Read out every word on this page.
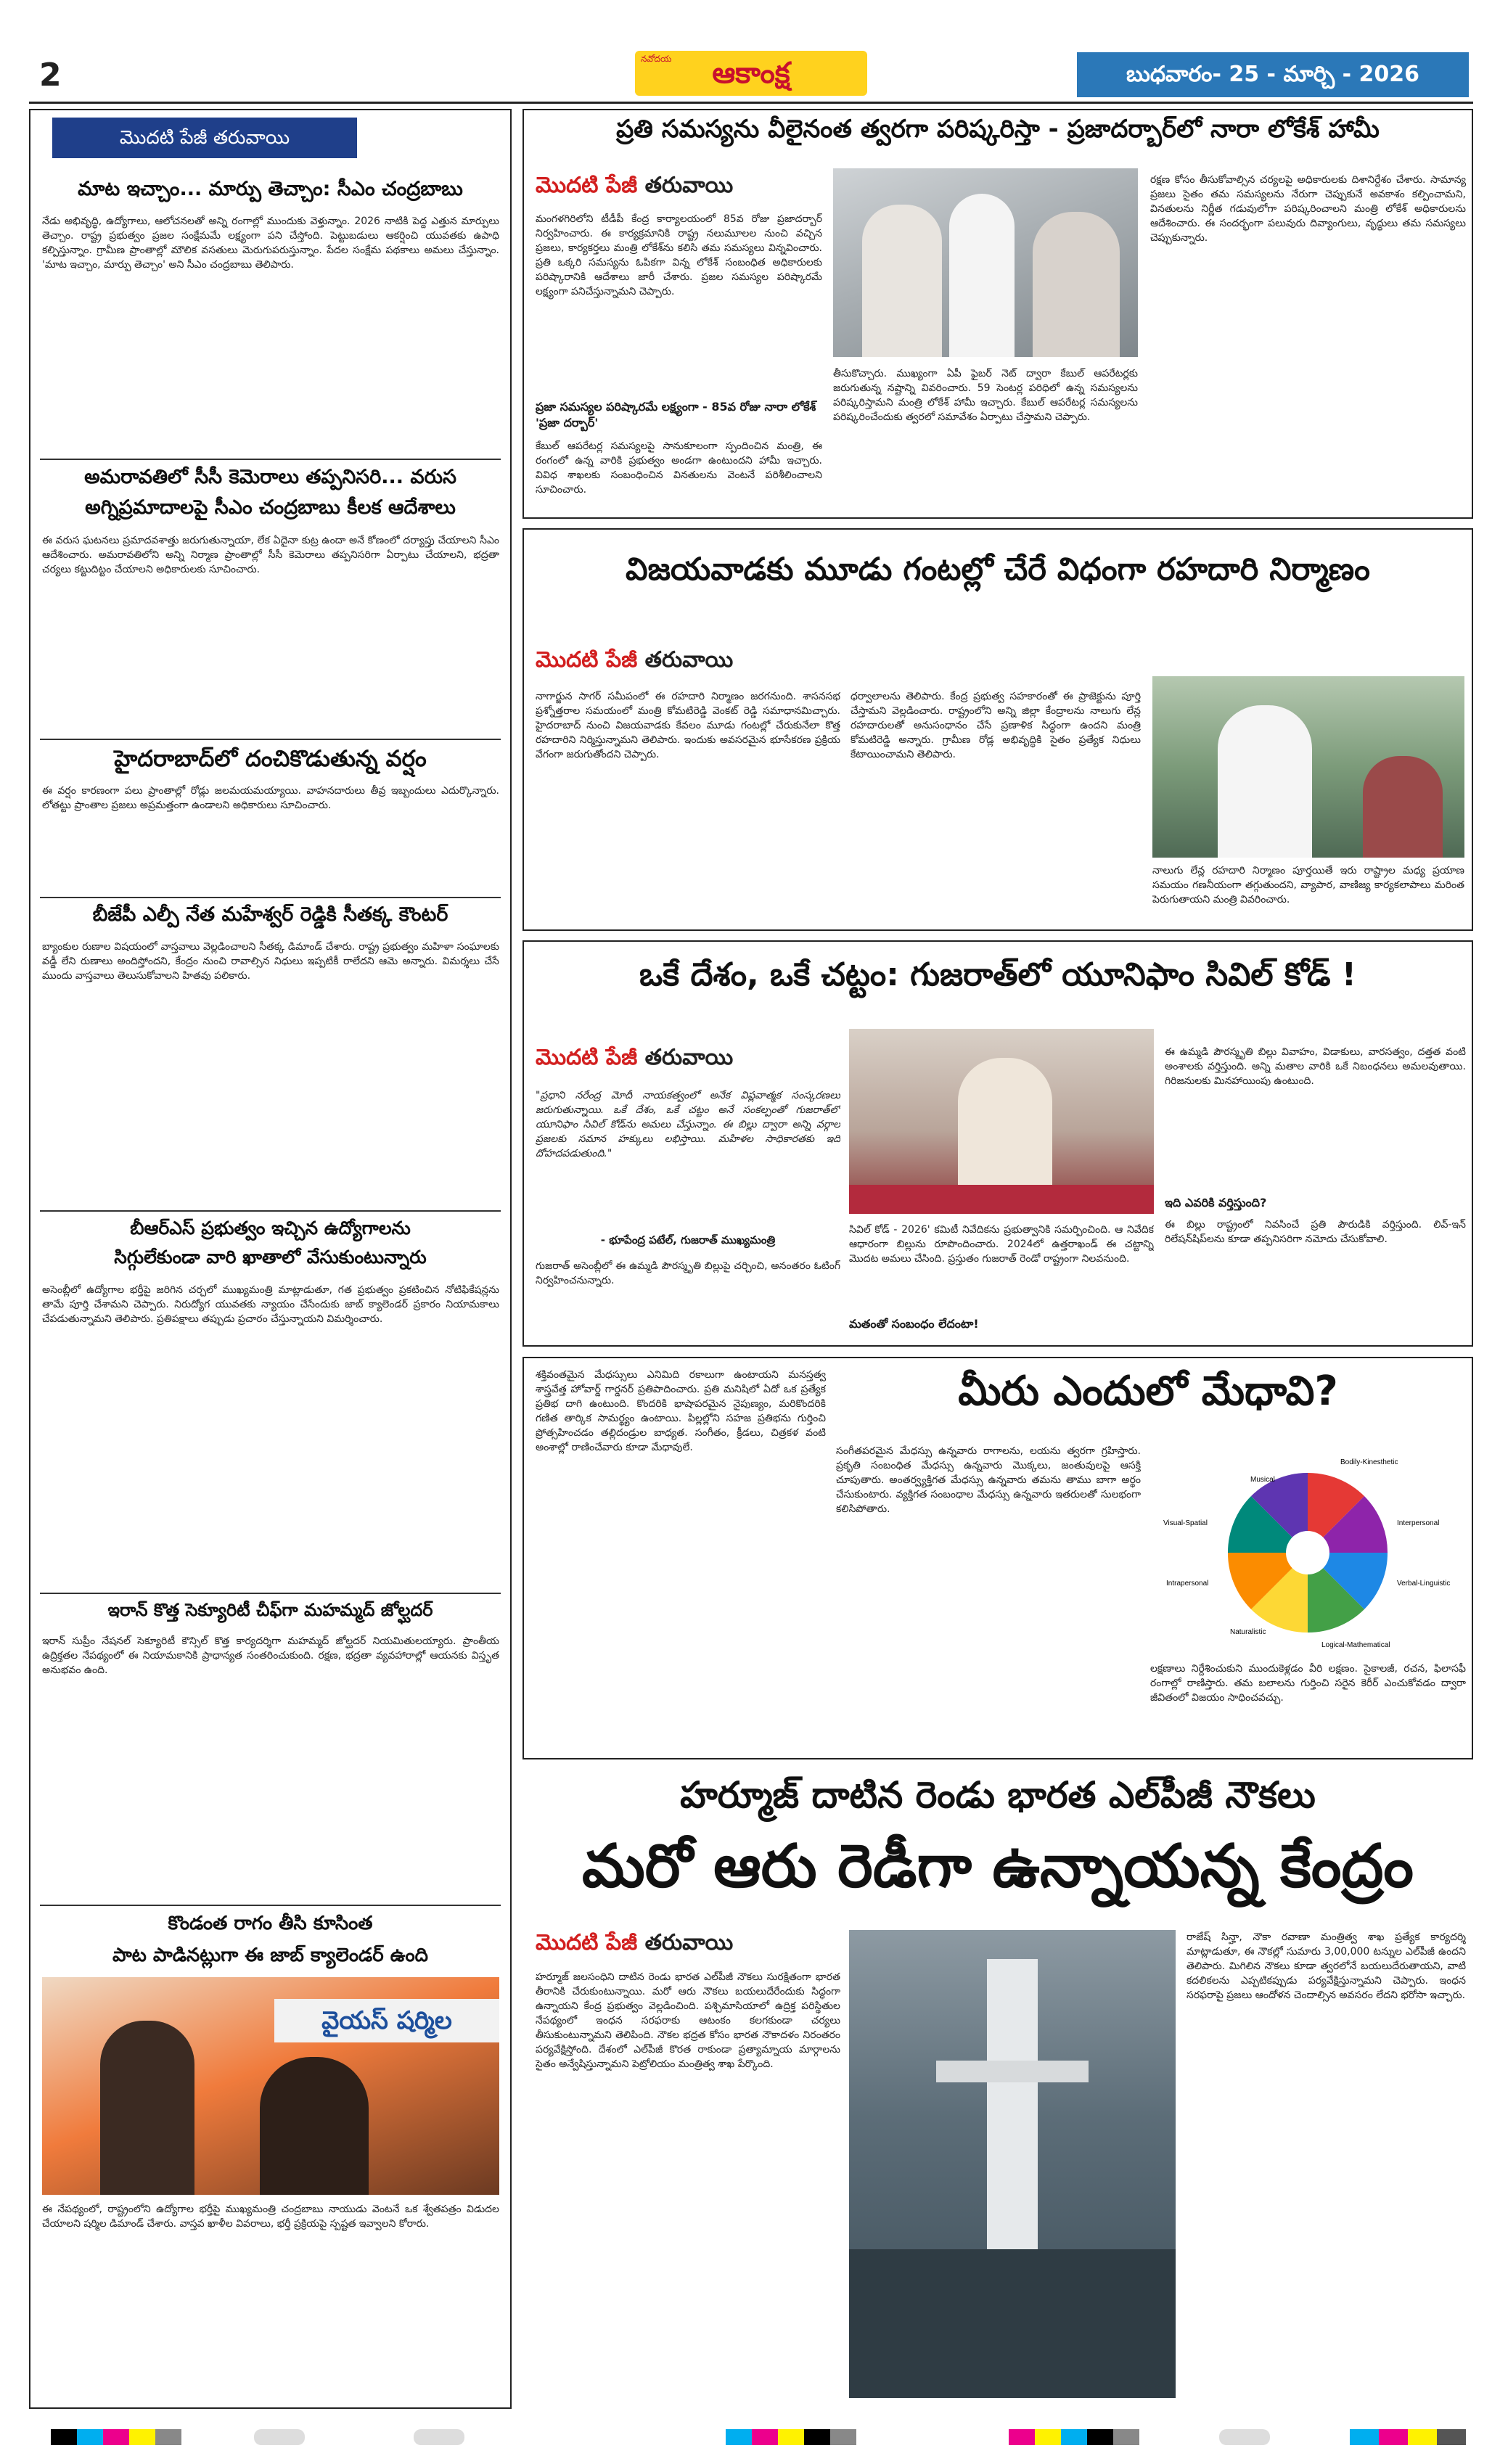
2	నవోదయ	ఆకాంక్ష	బుధవారం- 25 - మార్చి - 2026
మొదటి పేజీ తరువాయి
మాట ఇచ్చాం... మార్పు తెచ్చాం: సీఎం చంద్రబాబు
నేడు అభివృద్ధి, ఉద్యోగాలు, ఆలోచనలతో అన్ని రంగాల్లో ముందుకు వెళ్తున్నాం. 2026 నాటికి పెద్ద ఎత్తున మార్పులు తెచ్చాం. రాష్ట్ర ప్రభుత్వం ప్రజల సంక్షేమమే లక్ష్యంగా పని చేస్తోంది. పెట్టుబడులు ఆకర్షించి యువతకు ఉపాధి కల్పిస్తున్నాం. గ్రామీణ ప్రాంతాల్లో మౌలిక వసతులు మెరుగుపరుస్తున్నాం. పేదల సంక్షేమ పథకాలు అమలు చేస్తున్నాం. 'మాట ఇచ్చాం, మార్పు తెచ్చాం' అని సీఎం చంద్రబాబు తెలిపారు.
అమరావతిలో సీసీ కెమెరాలు తప్పనిసరి... వరుస
అగ్నిప్రమాదాలపై సీఎం చంద్రబాబు కీలక ఆదేశాలు
ఈ వరుస ఘటనలు ప్రమాదవశాత్తు జరుగుతున్నాయా, లేక ఏదైనా కుట్ర ఉందా అనే కోణంలో దర్యాప్తు చేయాలని సీఎం ఆదేశించారు. అమరావతిలోని అన్ని నిర్మాణ ప్రాంతాల్లో సీసీ కెమెరాలు తప్పనిసరిగా ఏర్పాటు చేయాలని, భద్రతా చర్యలు కట్టుదిట్టం చేయాలని అధికారులకు సూచించారు.
హైదరాబాద్‌లో దంచికొడుతున్న వర్షం
ఈ వర్షం కారణంగా పలు ప్రాంతాల్లో రోడ్లు జలమయమయ్యాయి. వాహనదారులు తీవ్ర ఇబ్బందులు ఎదుర్కొన్నారు. లోతట్టు ప్రాంతాల ప్రజలు అప్రమత్తంగా ఉండాలని అధికారులు సూచించారు.
బీజేపీ ఎల్పీ నేత మహేశ్వర్ రెడ్డికి సీతక్క కౌంటర్
బ్యాంకుల రుణాల విషయంలో వాస్తవాలు వెల్లడించాలని సీతక్క డిమాండ్ చేశారు. రాష్ట్ర ప్రభుత్వం మహిళా సంఘాలకు వడ్డీ లేని రుణాలు అందిస్తోందని, కేంద్రం నుంచి రావాల్సిన నిధులు ఇప్పటికీ రాలేదని ఆమె అన్నారు. విమర్శలు చేసే ముందు వాస్తవాలు తెలుసుకోవాలని హితవు పలికారు.
బీఆర్ఎస్ ప్రభుత్వం ఇచ్చిన ఉద్యోగాలను
సిగ్గులేకుండా వారి ఖాతాలో వేసుకుంటున్నారు
అసెంబ్లీలో ఉద్యోగాల భర్తీపై జరిగిన చర్చలో ముఖ్యమంత్రి మాట్లాడుతూ, గత ప్రభుత్వం ప్రకటించిన నోటిఫికేషన్లను తామే పూర్తి చేశామని చెప్పారు. నిరుద్యోగ యువతకు న్యాయం చేసేందుకు జాబ్ క్యాలెండర్ ప్రకారం నియామకాలు చేపడుతున్నామని తెలిపారు. ప్రతిపక్షాలు తప్పుడు ప్రచారం చేస్తున్నాయని విమర్శించారు.
ఇరాన్ కొత్త సెక్యూరిటీ చీఫ్‌గా మహమ్మద్ జోల్ఘదర్
ఇరాన్ సుప్రీం నేషనల్ సెక్యూరిటీ కౌన్సిల్ కొత్త కార్యదర్శిగా మహమ్మద్ జోల్ఘదర్ నియమితులయ్యారు. ప్రాంతీయ ఉద్రిక్తతల నేపథ్యంలో ఈ నియామకానికి ప్రాధాన్యత సంతరించుకుంది. రక్షణ, భద్రతా వ్యవహారాల్లో ఆయనకు విస్తృత అనుభవం ఉంది.
కొండంత రాగం తీసి కూసింత
పాట పాడినట్లుగా ఈ జాబ్ క్యాలెండర్ ఉంది
వైయస్ షర్మిల
ఈ నేపథ్యంలో, రాష్ట్రంలోని ఉద్యోగాల భర్తీపై ముఖ్యమంత్రి చంద్రబాబు నాయుడు వెంటనే ఒక శ్వేతపత్రం విడుదల చేయాలని షర్మిల డిమాండ్ చేశారు. వాస్తవ ఖాళీల వివరాలు, భర్తీ ప్రక్రియపై స్పష్టత ఇవ్వాలని కోరారు.
ప్రతి సమస్యను వీలైనంత త్వరగా పరిష్కరిస్తా - ప్రజాదర్బార్‌లో నారా లోకేశ్ హామీ
మొదటి పేజీ తరువాయి
మంగళగిరిలోని టీడీపీ కేంద్ర కార్యాలయంలో 85వ రోజు ప్రజాదర్బార్ నిర్వహించారు. ఈ కార్యక్రమానికి రాష్ట్ర నలుమూలల నుంచి వచ్చిన ప్రజలు, కార్యకర్తలు మంత్రి లోకేశ్‌ను కలిసి తమ సమస్యలు విన్నవించారు. ప్రతి ఒక్కరి సమస్యను ఓపికగా విన్న లోకేశ్ సంబంధిత అధికారులకు పరిష్కారానికి ఆదేశాలు జారీ చేశారు. ప్రజల సమస్యల పరిష్కారమే లక్ష్యంగా పనిచేస్తున్నామని చెప్పారు.
ప్రజా సమస్యల పరిష్కారమే లక్ష్యంగా - 85వ రోజు నారా లోకేశ్ 'ప్రజా దర్బార్'
కేబుల్ ఆపరేటర్ల సమస్యలపై సానుకూలంగా స్పందించిన మంత్రి, ఈ రంగంలో ఉన్న వారికి ప్రభుత్వం అండగా ఉంటుందని హామీ ఇచ్చారు. వివిధ శాఖలకు సంబంధించిన వినతులను వెంటనే పరిశీలించాలని సూచించారు.
తీసుకొచ్చారు. ముఖ్యంగా ఏపీ ఫైబర్ నెట్ ద్వారా కేబుల్ ఆపరేటర్లకు జరుగుతున్న నష్టాన్ని వివరించారు. 59 సెంటర్ల పరిధిలో ఉన్న సమస్యలను పరిష్కరిస్తామని మంత్రి లోకేశ్ హామీ ఇచ్చారు. కేబుల్ ఆపరేటర్ల సమస్యలను పరిష్కరించేందుకు త్వరలో సమావేశం ఏర్పాటు చేస్తామని చెప్పారు.
రక్షణ కోసం తీసుకోవాల్సిన చర్యలపై అధికారులకు దిశానిర్దేశం చేశారు. సామాన్య ప్రజలు సైతం తమ సమస్యలను నేరుగా చెప్పుకునే అవకాశం కల్పించామని, వినతులను నిర్ణీత గడువులోగా పరిష్కరించాలని మంత్రి లోకేశ్ అధికారులను ఆదేశించారు. ఈ సందర్భంగా పలువురు దివ్యాంగులు, వృద్ధులు తమ సమస్యలు చెప్పుకున్నారు.
విజయవాడకు మూడు గంటల్లో చేరే విధంగా రహదారి నిర్మాణం
మొదటి పేజీ తరువాయి
నాగార్జున సాగర్ సమీపంలో ఈ రహదారి నిర్మాణం జరగనుంది. శాసనసభ ప్రశ్నోత్తరాల సమయంలో మంత్రి కోమటిరెడ్డి వెంకట్ రెడ్డి సమాధానమిచ్చారు. హైదరాబాద్ నుంచి విజయవాడకు కేవలం మూడు గంటల్లో చేరుకునేలా కొత్త రహదారిని నిర్మిస్తున్నామని తెలిపారు. ఇందుకు అవసరమైన భూసేకరణ ప్రక్రియ వేగంగా జరుగుతోందని చెప్పారు.
ధర్వాలాలను తెలిపారు. కేంద్ర ప్రభుత్వ సహకారంతో ఈ ప్రాజెక్టును పూర్తి చేస్తామని వెల్లడించారు. రాష్ట్రంలోని అన్ని జిల్లా కేంద్రాలను నాలుగు లేన్ల రహదారులతో అనుసంధానం చేసే ప్రణాళిక సిద్ధంగా ఉందని మంత్రి కోమటిరెడ్డి అన్నారు. గ్రామీణ రోడ్ల అభివృద్ధికి సైతం ప్రత్యేక నిధులు కేటాయించామని తెలిపారు.
నాలుగు లేన్ల రహదారి నిర్మాణం పూర్తయితే ఇరు రాష్ట్రాల మధ్య ప్రయాణ సమయం గణనీయంగా తగ్గుతుందని, వ్యాపార, వాణిజ్య కార్యకలాపాలు మరింత పెరుగుతాయని మంత్రి వివరించారు.
ఒకే దేశం, ఒకే చట్టం: గుజరాత్‌లో యూనిఫాం సివిల్ కోడ్ !
మొదటి పేజీ తరువాయి
"ప్రధాని నరేంద్ర మోదీ నాయకత్వంలో అనేక విప్లవాత్మక సంస్కరణలు జరుగుతున్నాయి. ఒకే దేశం, ఒకే చట్టం అనే సంకల్పంతో గుజరాత్‌లో యూనిఫాం సివిల్ కోడ్‌ను అమలు చేస్తున్నాం. ఈ బిల్లు ద్వారా అన్ని వర్గాల ప్రజలకు సమాన హక్కులు లభిస్తాయి. మహిళల సాధికారతకు ఇది దోహదపడుతుంది."
- భూపేంద్ర పటేల్, గుజరాత్ ముఖ్యమంత్రి
గుజరాత్ అసెంబ్లీలో ఈ ఉమ్మడి పౌరస్మృతి బిల్లుపై చర్చించి, అనంతరం ఓటింగ్ నిర్వహించనున్నారు.
సివిల్ కోడ్ - 2026' కమిటీ నివేదికను ప్రభుత్వానికి సమర్పించింది. ఆ నివేదిక ఆధారంగా బిల్లును రూపొందించారు. 2024లో ఉత్తరాఖండ్ ఈ చట్టాన్ని మొదట అమలు చేసింది. ప్రస్తుతం గుజరాత్ రెండో రాష్ట్రంగా నిలవనుంది.
మతంతో సంబంధం లేదంటా!
ఈ ఉమ్మడి పౌరస్మృతి బిల్లు వివాహం, విడాకులు, వారసత్వం, దత్తత వంటి అంశాలకు వర్తిస్తుంది. అన్ని మతాల వారికి ఒకే నిబంధనలు అమలవుతాయి. గిరిజనులకు మినహాయింపు ఉంటుంది.
ఇది ఎవరికి వర్తిస్తుంది?
ఈ బిల్లు రాష్ట్రంలో నివసించే ప్రతి పౌరుడికి వర్తిస్తుంది. లివ్-ఇన్ రిలేషన్‌షిప్‌లను కూడా తప్పనిసరిగా నమోదు చేసుకోవాలి.
మీరు ఎందులో మేధావి?
శక్తివంతమైన మేధస్సులు ఎనిమిది రకాలుగా ఉంటాయని మనస్తత్వ శాస్త్రవేత్త హోవార్డ్ గార్డనర్ ప్రతిపాదించారు. ప్రతి మనిషిలో ఏదో ఒక ప్రత్యేక ప్రతిభ దాగి ఉంటుంది. కొందరికి భాషాపరమైన నైపుణ్యం, మరికొందరికి గణిత తార్కిక సామర్థ్యం ఉంటాయి. పిల్లల్లోని సహజ ప్రతిభను గుర్తించి ప్రోత్సహించడం తల్లిదండ్రుల బాధ్యత. సంగీతం, క్రీడలు, చిత్రకళ వంటి అంశాల్లో రాణించేవారు కూడా మేధావులే.	సంగీతపరమైన మేధస్సు ఉన్నవారు రాగాలను, లయను త్వరగా గ్రహిస్తారు. ప్రకృతి సంబంధిత మేధస్సు ఉన్నవారు మొక్కలు, జంతువులపై ఆసక్తి చూపుతారు. అంతర్వ్యక్తిగత మేధస్సు ఉన్నవారు తమను తాము బాగా అర్థం చేసుకుంటారు. వ్యక్తిగత సంబంధాల మేధస్సు ఉన్నవారు ఇతరులతో సులభంగా కలిసిపోతారు.
Bodily-Kinesthetic
Musical
Visual-Spatial	Interpersonal
Intrapersonal	Verbal-Linguistic
Naturalistic
Logical-Mathematical
లక్షణాలు నిర్దేశించుకుని ముందుకెళ్లడం వీరి లక్షణం. సైకాలజీ, రచన, ఫిలాసఫీ రంగాల్లో రాణిస్తారు. తమ బలాలను గుర్తించి సరైన కెరీర్ ఎంచుకోవడం ద్వారా జీవితంలో విజయం సాధించవచ్చు.
హర్మూజ్ దాటిన రెండు భారత ఎల్‌పీజీ నౌకలు
మరో ఆరు రెడీగా ఉన్నాయన్న కేంద్రం
మొదటి పేజీ తరువాయి
హర్మూజ్ జలసంధిని దాటిన రెండు భారత ఎల్‌పీజీ నౌకలు సురక్షితంగా భారత తీరానికి చేరుకుంటున్నాయి. మరో ఆరు నౌకలు బయలుదేరేందుకు సిద్ధంగా ఉన్నాయని కేంద్ర ప్రభుత్వం వెల్లడించింది. పశ్చిమాసియాలో ఉద్రిక్త పరిస్థితుల నేపథ్యంలో ఇంధన సరఫరాకు ఆటంకం కలగకుండా చర్యలు తీసుకుంటున్నామని తెలిపింది. నౌకల భద్రత కోసం భారత నౌకాదళం నిరంతరం పర్యవేక్షిస్తోంది. దేశంలో ఎల్‌పీజీ కొరత రాకుండా ప్రత్యామ్నాయ మార్గాలను సైతం అన్వేషిస్తున్నామని పెట్రోలియం మంత్రిత్వ శాఖ పేర్కొంది.
రాజేష్ సిన్హా, నౌకా రవాణా మంత్రిత్వ శాఖ ప్రత్యేక కార్యదర్శి మాట్లాడుతూ, ఈ నౌకల్లో సుమారు 3,00,000 టన్నుల ఎల్‌పీజీ ఉందని తెలిపారు. మిగిలిన నౌకలు కూడా త్వరలోనే బయలుదేరుతాయని, వాటి కదలికలను ఎప్పటికప్పుడు పర్యవేక్షిస్తున్నామని చెప్పారు. ఇంధన సరఫరాపై ప్రజలు ఆందోళన చెందాల్సిన అవసరం లేదని భరోసా ఇచ్చారు.
